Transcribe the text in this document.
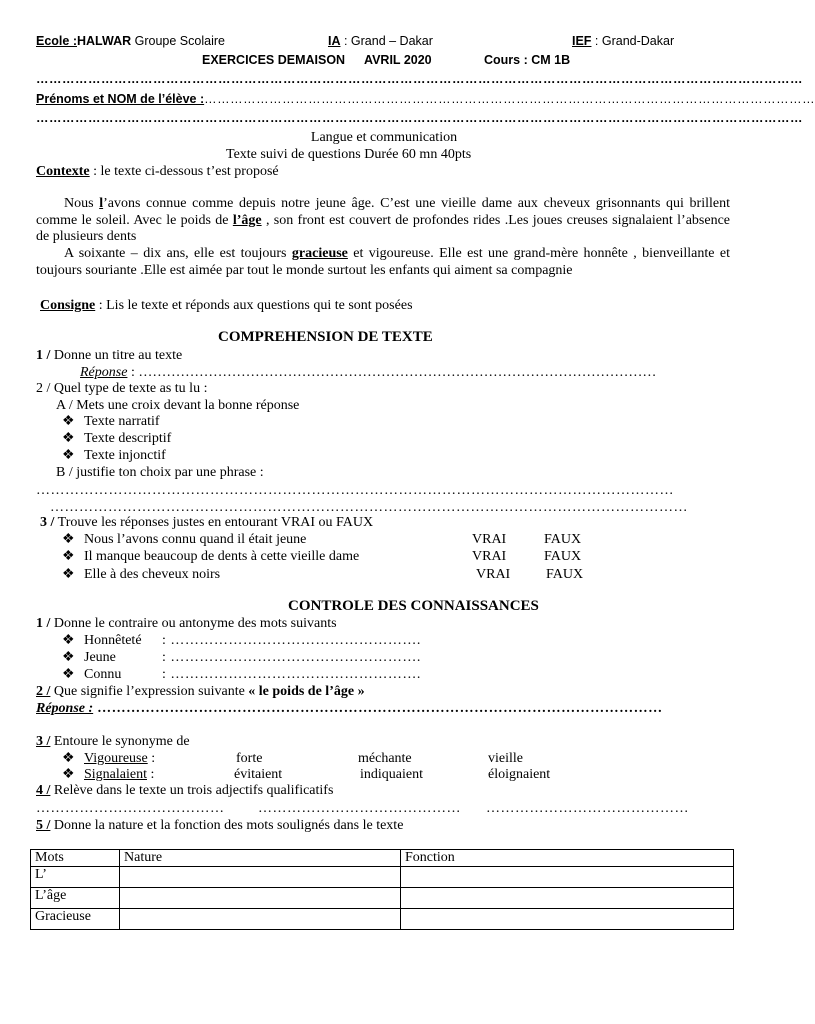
Ecole :HALWAR Groupe Scolaire	IA : Grand – Dakar	IEF : Grand-Dakar
EXERCICES DEMAISON AVRIL 2020	Cours : CM 1B
……………………………………………………………………………………………………………………………………………………………
Prénoms et NOM de l’élève :……………………………………………………………………………………………………………………………
……………………………………………………………………………………………………………………………………………………………
Langue et communication
Texte suivi de questions Durée 60 mn 40pts
Contexte : le texte ci-dessous t’est proposé
Nous l’avons connue comme depuis notre jeune âge. C’est une vieille dame aux cheveux grisonnants qui brillent comme le soleil. Avec le poids de l’âge , son front est couvert de profondes rides .Les joues creuses signalaient l’absence de plusieurs dents
A soixante – dix ans, elle est toujours gracieuse et vigoureuse. Elle est une grand-mère honnête , bienveillante et toujours souriante .Elle est aimée par tout le monde surtout les enfants qui aiment sa compagnie
Consigne : Lis le texte et réponds aux questions qui te sont posées
COMPREHENSION DE TEXTE
1 / Donne un titre au texte
Réponse : …………………………………………………………………………………………………
2 / Quel type de texte as tu lu :
A / Mets une croix devant la bonne réponse
❖ Texte narratif
❖ Texte descriptif
❖ Texte injonctif
B / justifie ton choix par une phrase :
……………………………………………………………………………………………………………………
……………………………………………………………………………………………………………………
3 / Trouve les réponses justes en entourant VRAI ou FAUX
❖ Nous l’avons connu quand il était jeune	VRAI	FAUX
❖ Il manque beaucoup de dents à cette vieille dame	VRAI	FAUX
❖ Elle à des cheveux noirs	VRAI	FAUX
CONTROLE DES CONNAISSANCES
1 / Donne le contraire ou antonyme des mots suivants
❖ Honnêteté : …………………………………………….
❖ Jeune	: …………………………………………….
❖ Connu	: …………………………………………….
2 / Que signifie l’expression suivante « le poids de l’âge »
Réponse : ………………………………………………………………………………………………………
3 / Entoure le synonyme de
❖ Vigoureuse :	forte	méchante	vieille
❖ Signalaient :	évitaient	indiquaient	éloignaient
4 / Relève dans le texte un trois adjectifs qualificatifs
…………………………………	……………………………………	……………………………………
5 / Donne la nature et la fonction des mots soulignés dans le texte
Mots	Nature	Fonction
L’		
L’âge		
Gracieuse		
